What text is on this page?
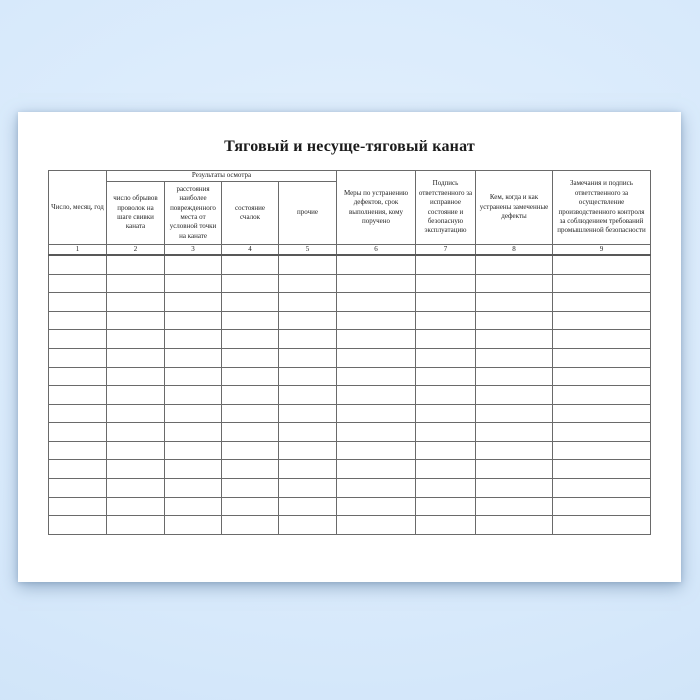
Тяговый и несуще-тяговый канат
Число, месяц, год	Результаты осмотра				Меры по устранению дефектов, срок выполнения, кому поручено	Подпись ответственного за исправное состояние и безопасную эксплуатацию	Кем, когда и как устранены замеченные дефекты	Замечания и подпись ответственного за осуществление производственного контроля за соблюдением требований промышленной безопасности
	число обрывов проволок на шаге свивки каната	расстояния наиболее поврежденного места от условной точки на канате	состояние счалок	прочие				
1	2	3	4	5	6	7	8	9
